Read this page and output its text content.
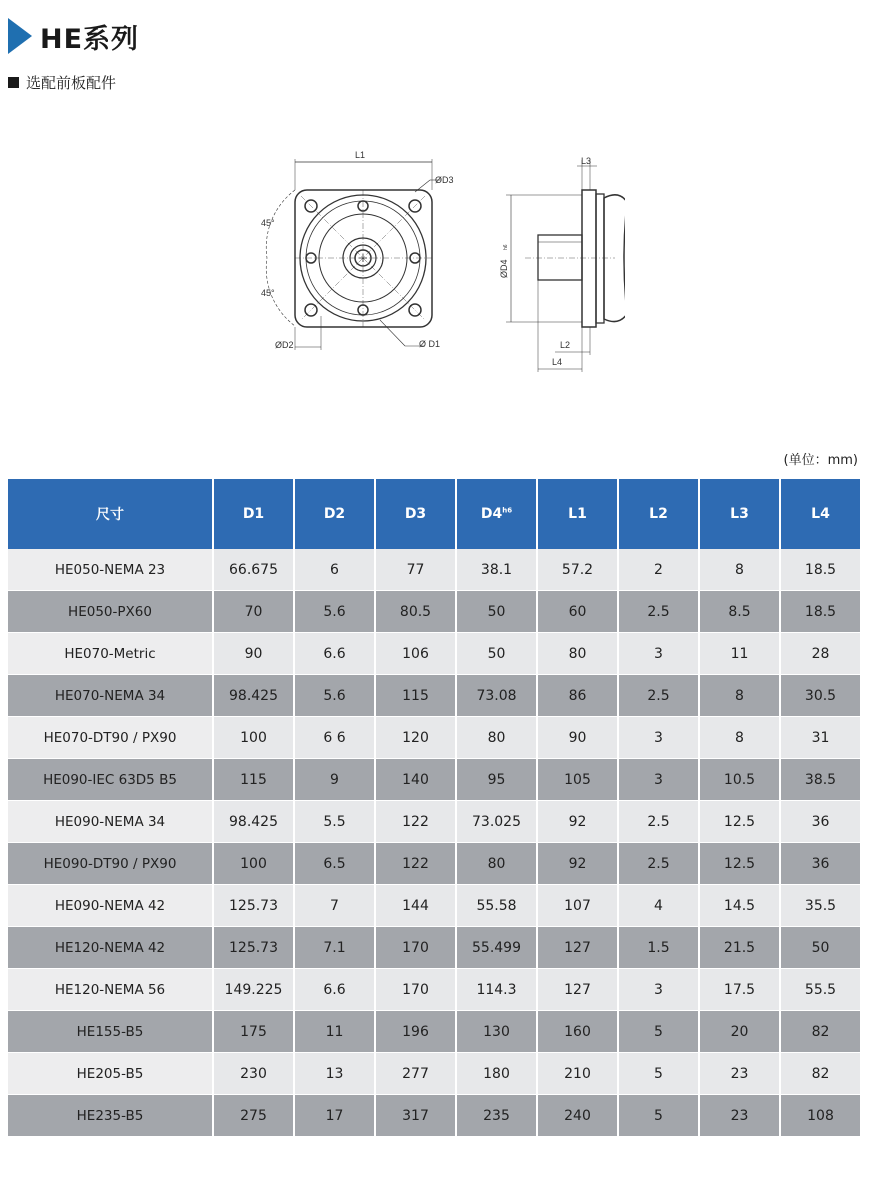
HE系列
选配前板配件
L1
ØD3
45°
45°
ØD2	Ø D1
L3
ØD4
h6
L2
L4
(单位：mm)
尺寸	D1	D2	D3	$D4^{h6}$	L1	L2	L3	L4
HE050-NEMA 23	66.675	6	77	38.1	57.2	2	8	18.5
HE050-PX60	70	5.6	80.5	50	60	2.5	8.5	18.5
HE070-Metric	90	6.6	106	50	80	3	11	28
HE070-NEMA 34	98.425	5.6	115	73.08	86	2.5	8	30.5
HE070-DT90 / PX90	100	6 6	120	80	90	3	8	31
HE090-IEC 63D5 B5	115	9	140	95	105	3	10.5	38.5
HE090-NEMA 34	98.425	5.5	122	73.025	92	2.5	12.5	36
HE090-DT90 / PX90	100	6.5	122	80	92	2.5	12.5	36
HE090-NEMA 42	125.73	7	144	55.58	107	4	14.5	35.5
HE120-NEMA 42	125.73	7.1	170	55.499	127	1.5	21.5	50
HE120-NEMA 56	149.225	6.6	170	114.3	127	3	17.5	55.5
HE155-B5	175	11	196	130	160	5	20	82
HE205-B5	230	13	277	180	210	5	23	82
HE235-B5	275	17	317	235	240	5	23	108
